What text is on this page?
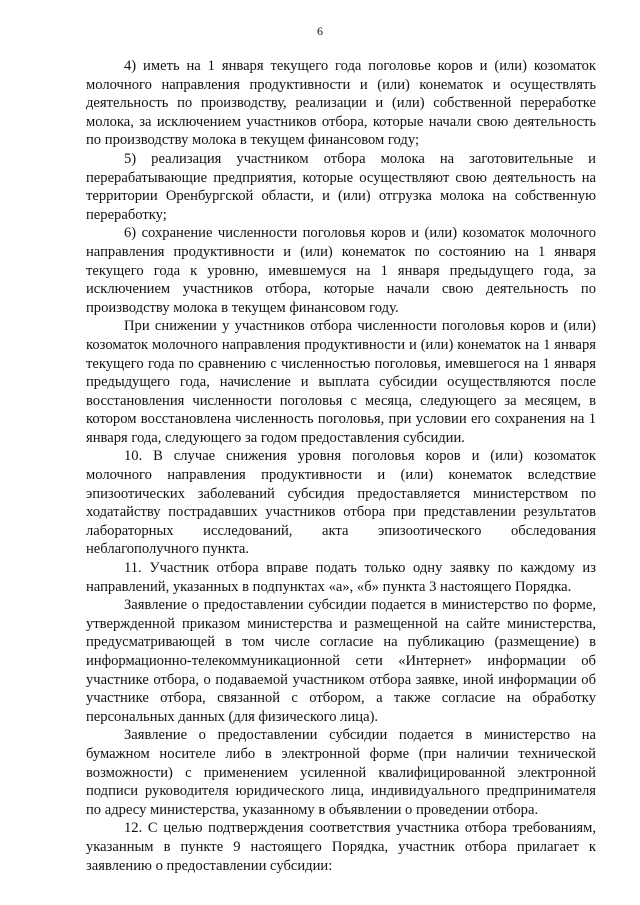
6

4) иметь на 1 января текущего года поголовье коров и (или) козоматок молочного направления продуктивности и (или) конематок и осуществлять деятельность по производству, реализации и (или) собственной переработке молока, за исключением участников отбора, которые начали свою деятельность по производству молока в текущем финансовом году;

5) реализация участником отбора молока на заготовительные и перерабатывающие предприятия, которые осуществляют свою деятельность на территории Оренбургской области, и (или) отгрузка молока на собственную переработку;

6) сохранение численности поголовья коров и (или) козоматок молочного направления продуктивности и (или) конематок по состоянию на 1 января текущего года к уровню, имевшемуся на 1 января предыдущего года, за исключением участников отбора, которые начали свою деятельность по производству молока в текущем финансовом году.

При снижении у участников отбора численности поголовья коров и (или) козоматок молочного направления продуктивности и (или) конематок на 1 января текущего года по сравнению с численностью поголовья, имевшегося на 1 января предыдущего года, начисление и выплата субсидии осуществляются после восстановления численности поголовья с месяца, следующего за месяцем, в котором восстановлена численность поголовья, при условии его сохранения на 1 января года, следующего за годом предоставления субсидии.

10. В случае снижения уровня поголовья коров и (или) козоматок молочного направления продуктивности и (или) конематок вследствие эпизоотических заболеваний субсидия предоставляется министерством по ходатайству пострадавших участников отбора при представлении результатов лабораторных исследований, акта эпизоотического обследования неблагополучного пункта.

11. Участник отбора вправе подать только одну заявку по каждому из направлений, указанных в подпунктах «а», «б» пункта 3 настоящего Порядка.

Заявление о предоставлении субсидии подается в министерство по форме, утвержденной приказом министерства и размещенной на сайте министерства, предусматривающей в том числе согласие на публикацию (размещение) в информационно-телекоммуникационной сети «Интернет» информации об участнике отбора, о подаваемой участником отбора заявке, иной информации об участнике отбора, связанной с отбором, а также согласие на обработку персональных данных (для физического лица).

Заявление о предоставлении субсидии подается в министерство на бумажном носителе либо в электронной форме (при наличии технической возможности) с применением усиленной квалифицированной электронной подписи руководителя юридического лица, индивидуального предпринимателя по адресу министерства, указанному в объявлении о проведении отбора.

12. С целью подтверждения соответствия участника отбора требованиям, указанным в пункте 9 настоящего Порядка, участник отбора прилагает к заявлению о предоставлении субсидии:
